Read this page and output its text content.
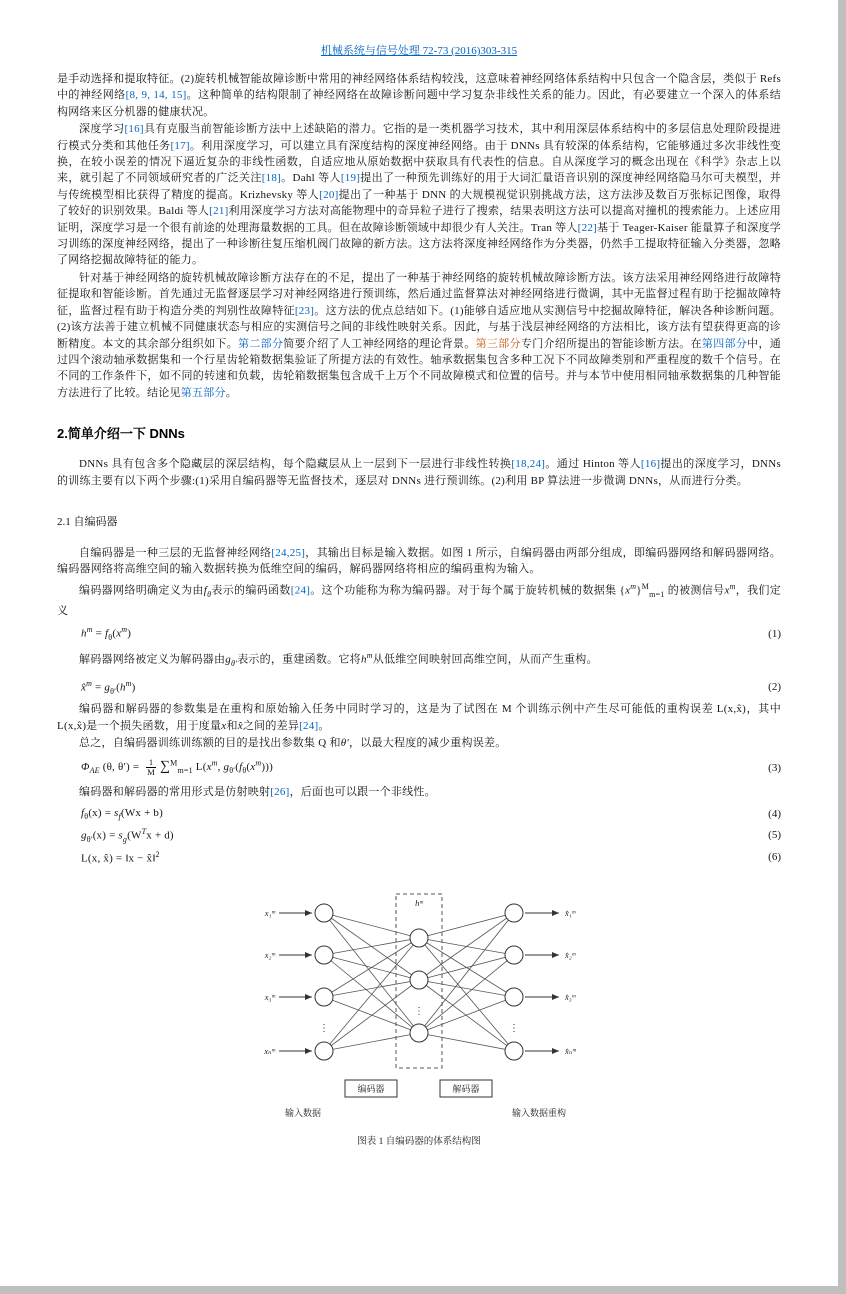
机械系统与信号处理 72-73 (2016)303-315

是手动选择和提取特征。(2)旋转机械智能故障诊断中常用的神经网络体系结构较浅，这意味着神经网络体系结构中只包含一个隐含层，类似于 Refs 中的神经网络[8, 9, 14, 15]。这种简单的结构限制了神经网络在故障诊断问题中学习复杂非线性关系的能力。因此，有必要建立一个深入的体系结构网络来区分机器的健康状况。

深度学习[16]具有克服当前智能诊断方法中上述缺陷的潜力。它指的是一类机器学习技术，其中利用深层体系结构中的多层信息处理阶段提进行模式分类和其他任务[17]。利用深度学习，可以建立具有深度结构的深度神经网络。由于 DNNs 具有较深的体系结构，它能够通过多次非线性变换，在较小误差的情况下逼近复杂的非线性函数，自适应地从原始数据中获取具有代表性的信息。自从深度学习的概念出现在《科学》杂志上以来，就引起了不同领域研究者的广泛关注[18]。Dahl 等人[19]提出了一种预先训练好的用于大词汇量语音识别的深度神经网络隐马尔可夫模型，并与传统模型相比获得了精度的提高。Krizhevsky 等人[20]提出了一种基于 DNN 的大规模视觉识别挑战方法，这方法涉及数百万张标记图像，取得了较好的识别效果。Baldi 等人[21]利用深度学习方法对高能物理中的奇异粒子进行了搜索，结果表明这方法可以提高对撞机的搜索能力。上述应用证明，深度学习是一个很有前途的处理海量数据的工具。但在故障诊断领域中却很少有人关注。Tran 等人[22]基于 Teager-Kaiser 能量算子和深度学习训练的深度神经网络，提出了一种诊断往复压缩机阀门故障的新方法。这方法将深度神经网络作为分类器，仍然手工提取特征输入分类器，忽略了网络挖掘故障特征的能力。

针对基于神经网络的旋转机械故障诊断方法存在的不足，提出了一种基于神经网络的旋转机械故障诊断方法。该方法采用神经网络进行故障特征提取和智能诊断。首先通过无监督逐层学习对神经网络进行预训练，然后通过监督算法对神经网络进行微调，其中无监督过程有助于挖掘故障特征，监督过程有助于构造分类的判别性故障特征[23]。这方法的优点总结如下。(1)能够自适应地从实测信号中挖掘故障特征，解决各种诊断问题。(2)该方法善于建立机械不同健康状态与相应的实测信号之间的非线性映射关系。因此，与基于浅层神经网络的方法相比，该方法有望获得更高的诊断精度。本文的其余部分组织如下。第二部分简要介绍了人工神经网络的理论背景。第三部分专门介绍所提出的智能诊断方法。在第四部分中，通过四个滚动轴承数据集和一个行星齿轮箱数据集验证了所提方法的有效性。轴承数据集包含多种工况下不同故障类别和严重程度的数千个信号。在不同的工作条件下，如不同的转速和负载，齿轮箱数据集包含成千上万个不同故障模式和位置的信号。并与本节中使用相同轴承数据集的几种智能方法进行了比较。结论见第五部分。

2.简单介绍一下 DNNs

DNNs 具有包含多个隐藏层的深层结构，每个隐藏层从上一层到下一层进行非线性转换[18,24]。通过 Hinton 等人[16]提出的深度学习，DNNs 的训练主要有以下两个步骤:(1)采用自编码器等无监督技术，逐层对 DNNs 进行预训练。(2)利用 BP 算法进一步微调 DNNs，从而进行分类。

2.1 自编码器

自编码器是一种三层的无监督神经网络[24,25]，其输出目标是输入数据。如图 1 所示，自编码器由两部分组成，即编码器网络和解码器网络。编码器网络将高维空间的输入数据转换为低维空间的编码，解码器网络将相应的编码重构为输入。

编码器网络明确定义为由$f_\theta$表示的编码函数[24]。这个功能称为称为编码器。对于每个属于旋转机械的数据集 $\{x^m\}^M_{m=1}$ 的被测信号$x^m$，我们定义

$h^m = f_\theta(x^m)$	(1)

解码器网络被定义为解码器由$g_{\theta'}$表示的，重建函数。它将$h^m$从低维空间映射回高维空间，从而产生重构。

x̂$^m$ = $g_{\theta'}(h^m)$	(2)

编码器和解码器的参数集是在重构和原始输入任务中同时学习的，这是为了试图在 M 个训练示例中产生尽可能低的重构误差 L(x,x̂)，其中 L(x,x̂)是一个损失函数，用于度量x和x̂之间的差异[24]。

总之，自编码器训练训练额的目的是找出参数集 Q 和θ′，以最大程度的减少重构误差。

$\Phi_{AE}$ (θ, $\theta') = \frac{1}{M} \sum^M_{m=1}$ $L(x^m$, $g_{\theta'}(f_\theta(x^m))$)	(3)

编码器和解码器的常用形式是仿射映射[26]，后面也可以跟一个非线性。

$f_\theta(x) = s_f(Wx + b)$	(4)
$g_{\theta'}(x) = s_g(W^Tx + d)$	(5)
L(x, x̂) = ‖x − x̂‖$^2$	(6)
hᵐ
⋮
⋮
⋮
x₁ᵐ
x₂ᵐ
x₃ᵐ
xₙᵐ
x̂₁ᵐ
x̂₂ᵐ
x̂₃ᵐ
x̂ₙᵐ
编码器	解码器
输入数据	输入数据重构
图表 1 自编码器的体系结构图
